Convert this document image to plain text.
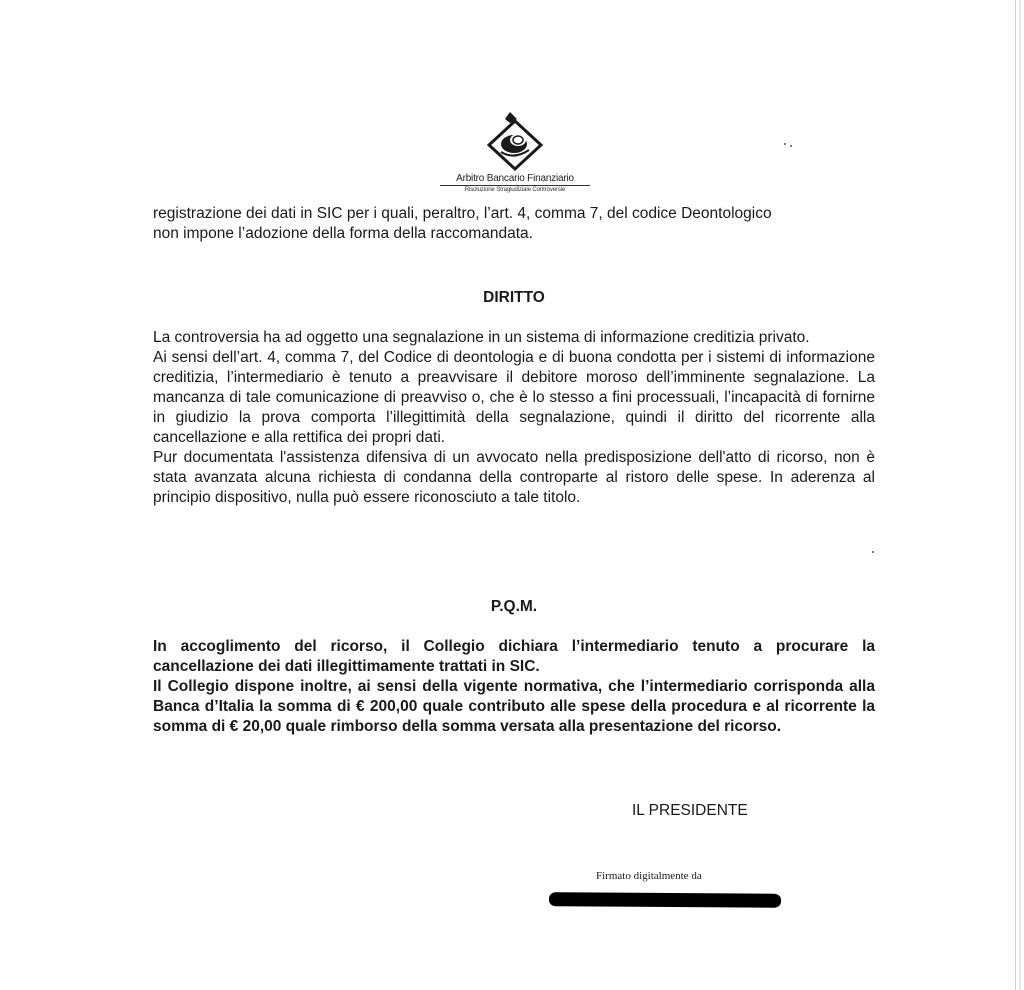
Arbitro Bancario Finanziario
Risoluzione Stragiudiziale Controversie

registrazione dei dati in SIC per i quali, peraltro, l’art. 4, comma 7, del codice Deontologico

non impone l’adozione della forma della raccomandata.

DIRITTO

La controversia ha ad oggetto una segnalazione in un sistema di informazione creditizia privato.

Ai sensi dell’art. 4, comma 7, del Codice di deontologia e di buona condotta per i sistemi di informazione creditizia, l’intermediario è tenuto a preavvisare il debitore moroso dell’imminente segnalazione. La mancanza di tale comunicazione di preavviso o, che è lo stesso a fini processuali, l’incapacità di fornirne in giudizio la prova comporta l’illegittimità della segnalazione, quindi il diritto del ricorrente alla cancellazione e alla rettifica dei propri dati.

Pur documentata l'assistenza difensiva di un avvocato nella predisposizione dell'atto di ricorso, non è stata avanzata alcuna richiesta di condanna della controparte al ristoro delle spese. In aderenza al principio dispositivo, nulla può essere riconosciuto a tale titolo.

P.Q.M.

In accoglimento del ricorso, il Collegio dichiara l’intermediario tenuto a procurare la cancellazione dei dati illegittimamente trattati in SIC.

Il Collegio dispone inoltre, ai sensi della vigente normativa, che l’intermediario corrisponda alla Banca d’Italia la somma di € 200,00 quale contributo alle spese della procedura e al ricorrente la somma di € 20,00 quale rimborso della somma versata alla presentazione del ricorso.

IL PRESIDENTE
Firmato digitalmente da
